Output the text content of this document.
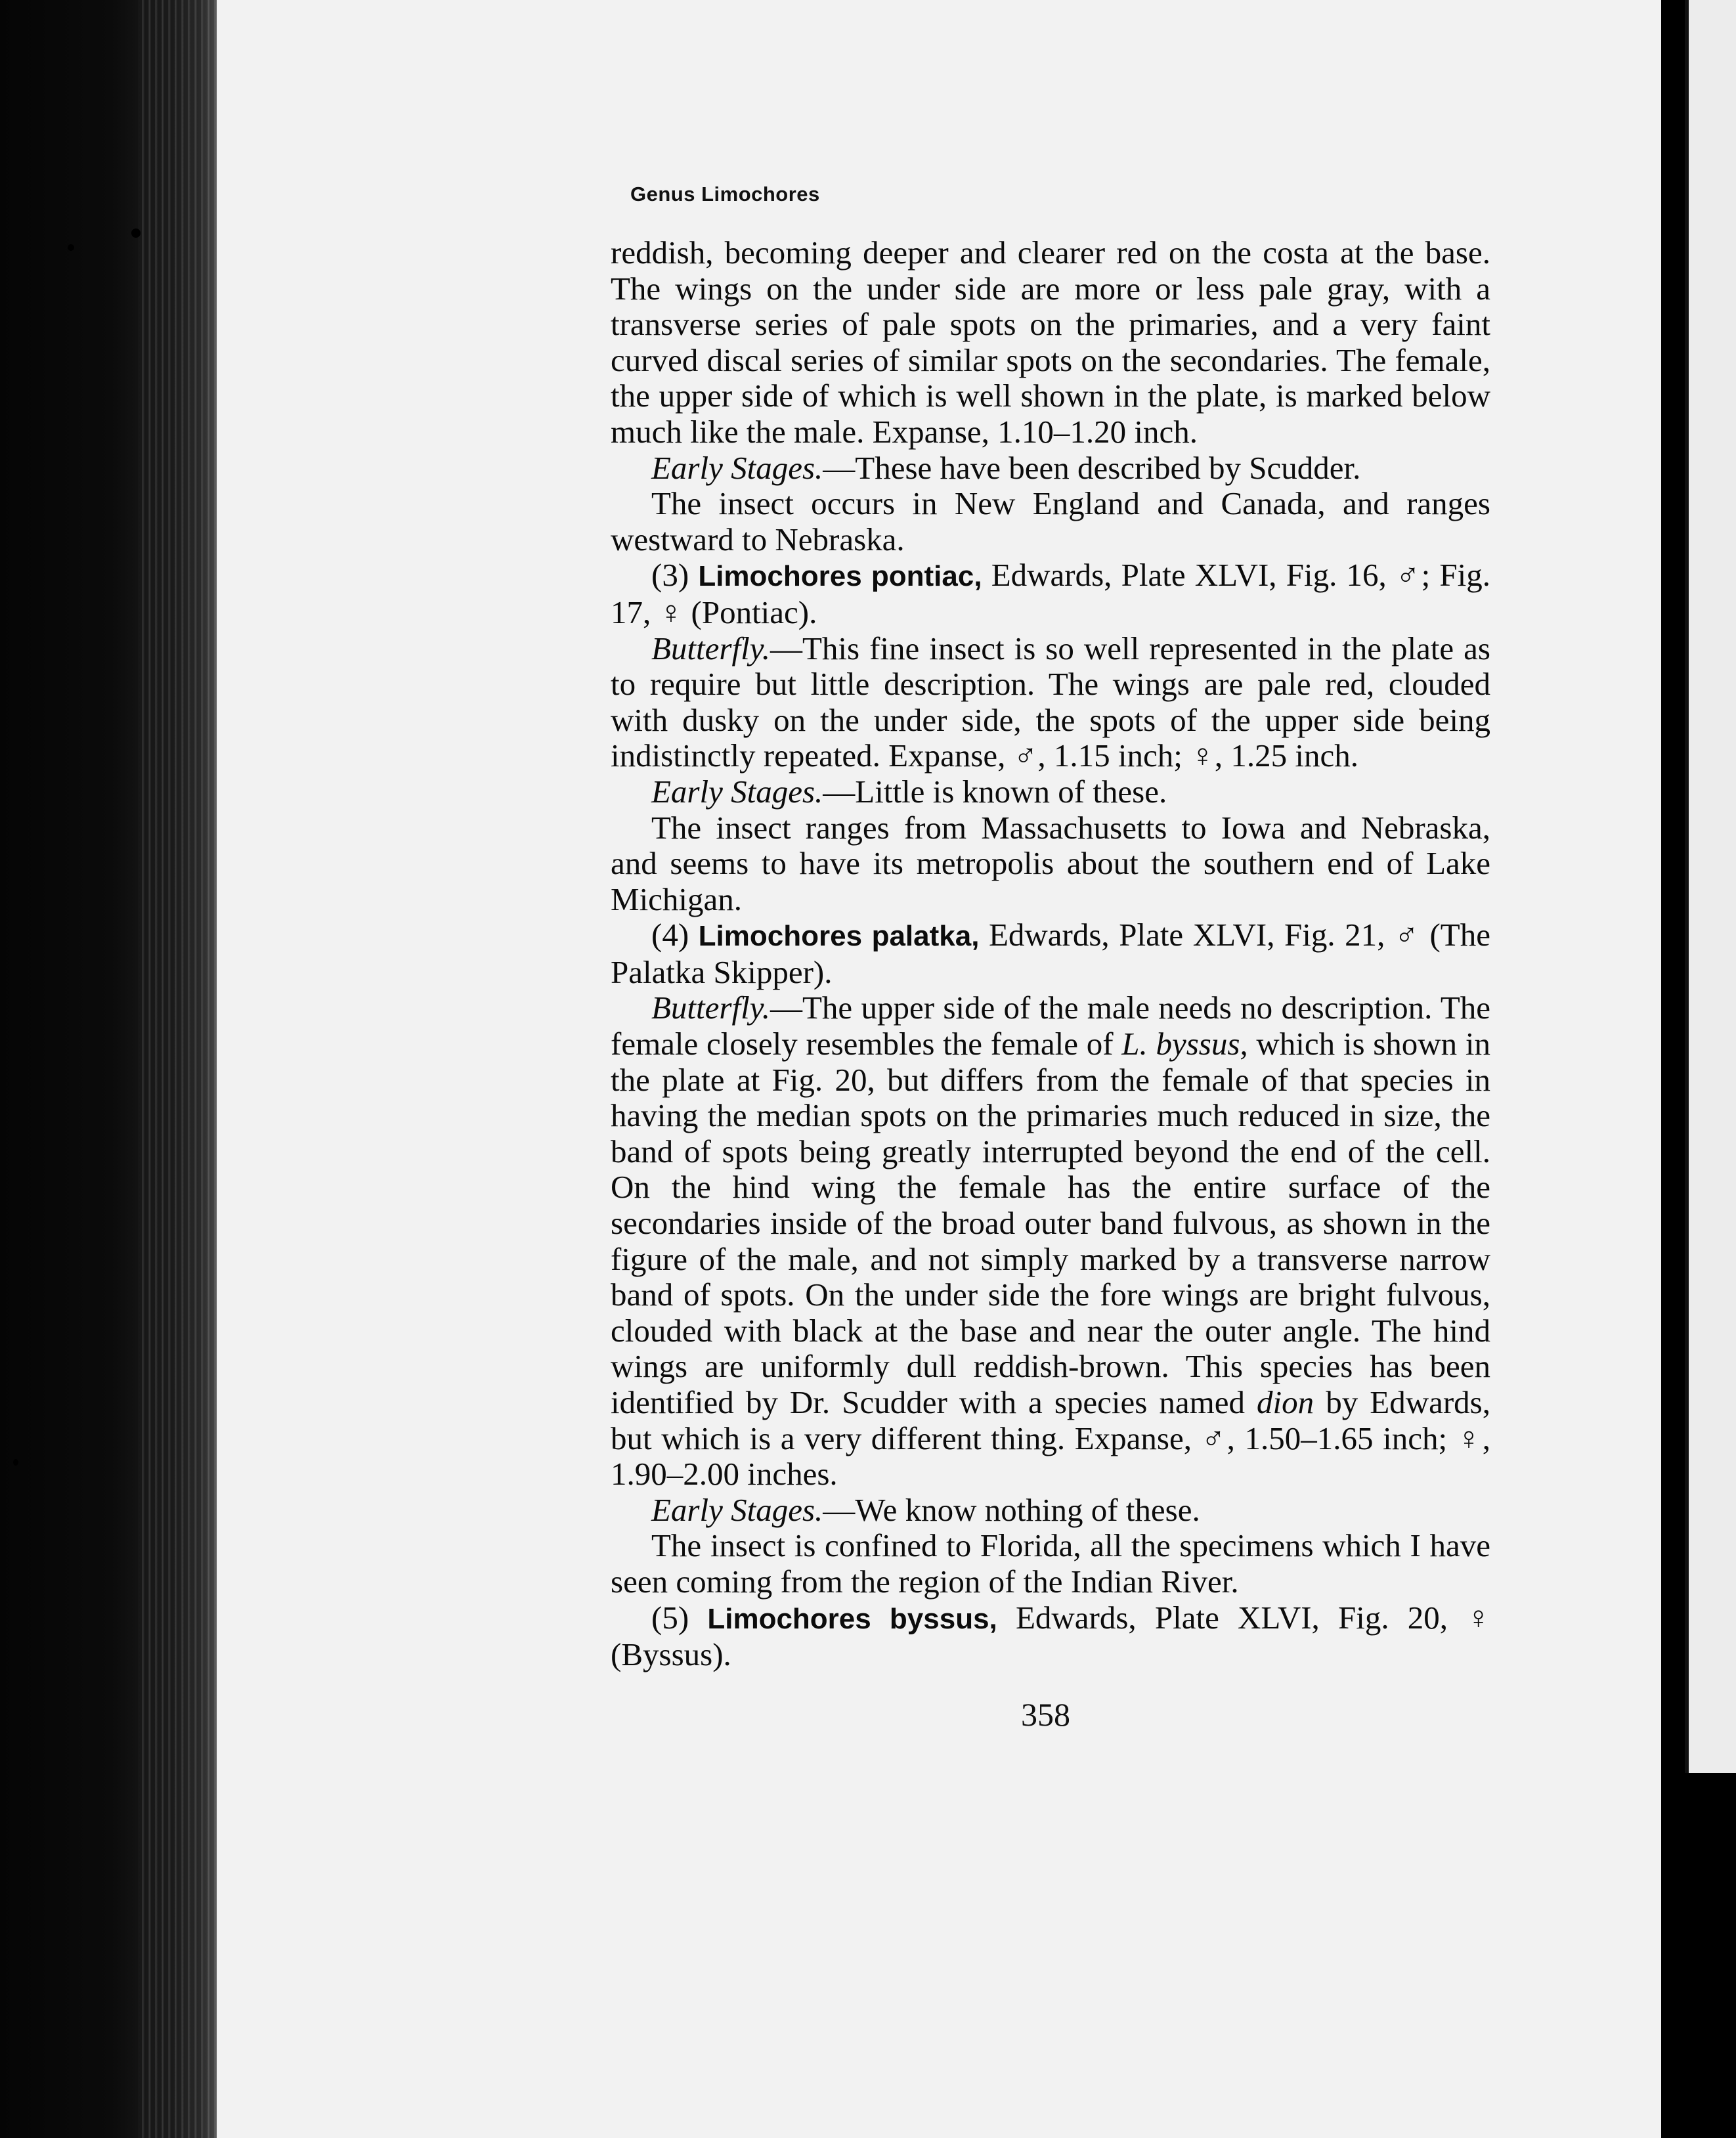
Genus Limochores

reddish, becoming deeper and clearer red on the costa at the base. The wings on the under side are more or less pale gray, with a transverse series of pale spots on the primaries, and a very faint curved discal series of similar spots on the secondaries. The female, the upper side of which is well shown in the plate, is marked below much like the male. Expanse, 1.10–1.20 inch.

Early Stages.—These have been described by Scudder.

The insect occurs in New England and Canada, and ranges westward to Nebraska.

(3) Limochores pontiac, Edwards, Plate XLVI, Fig. 16, ♂; Fig. 17, ♀ (Pontiac).

Butterfly.—This fine insect is so well represented in the plate as to require but little description. The wings are pale red, clouded with dusky on the under side, the spots of the upper side being indistinctly repeated. Expanse, ♂, 1.15 inch; ♀, 1.25 inch.

Early Stages.—Little is known of these.

The insect ranges from Massachusetts to Iowa and Nebraska, and seems to have its metropolis about the southern end of Lake Michigan.

(4) Limochores palatka, Edwards, Plate XLVI, Fig. 21, ♂ (The Palatka Skipper).

Butterfly.—The upper side of the male needs no description. The female closely resembles the female of L. byssus, which is shown in the plate at Fig. 20, but differs from the female of that species in having the median spots on the primaries much reduced in size, the band of spots being greatly interrupted beyond the end of the cell. On the hind wing the female has the entire surface of the secondaries inside of the broad outer band fulvous, as shown in the figure of the male, and not simply marked by a transverse narrow band of spots. On the under side the fore wings are bright fulvous, clouded with black at the base and near the outer angle. The hind wings are uniformly dull reddish-brown. This species has been identified by Dr. Scudder with a species named dion by Edwards, but which is a very different thing. Expanse, ♂, 1.50–1.65 inch; ♀, 1.90–2.00 inches.

Early Stages.—We know nothing of these.

The insect is confined to Florida, all the specimens which I have seen coming from the region of the Indian River.

(5) Limochores byssus, Edwards, Plate XLVI, Fig. 20, ♀ (Byssus).

358
